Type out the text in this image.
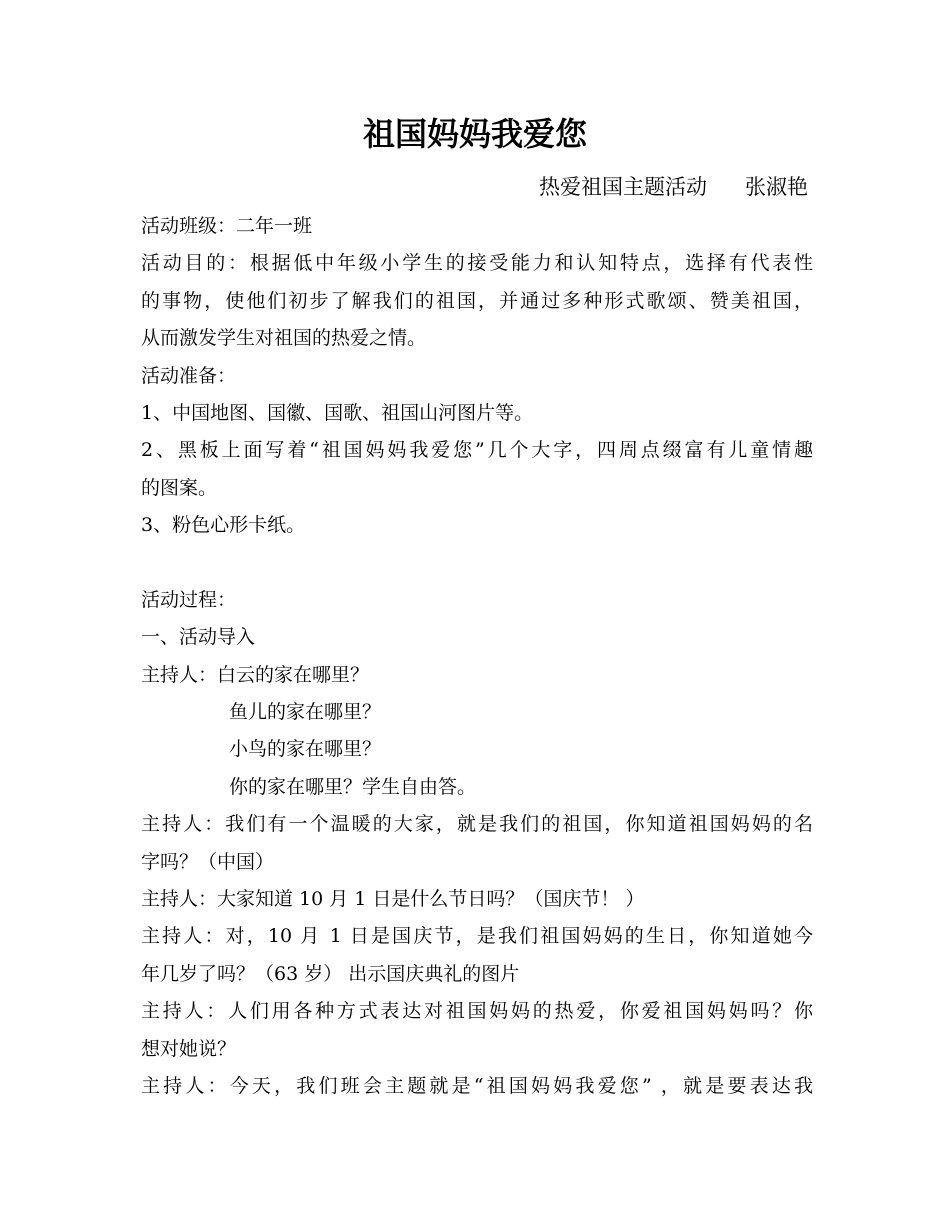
祖国妈妈我爱您
热爱祖国主题活动 张淑艳
活动班级：二年一班
活动目的：根据低中年级小学生的接受能力和认知特点，选择有代表性
的事物，使他们初步了解我们的祖国，并通过多种形式歌颂、赞美祖国，
从而激发学生对祖国的热爱之情。
活动准备：
1、中国地图、国徽、国歌、祖国山河图片等。
2、黑板上面写着“祖国妈妈我爱您”几个大字，四周点缀富有儿童情趣
的图案。
3、粉色心形卡纸。
活动过程：
一、活动导入
主持人：白云的家在哪里？
鱼儿的家在哪里？
小鸟的家在哪里？
你的家在哪里？学生自由答。
主持人：我们有一个温暖的大家，就是我们的祖国，你知道祖国妈妈的名
字吗？（中国）
主持人：大家知道 10 月 1 日是什么节日吗？（国庆节！ ）
主持人：对，10 月 1 日是国庆节，是我们祖国妈妈的生日，你知道她今
年几岁了吗？（63 岁） 出示国庆典礼的图片
主持人：人们用各种方式表达对祖国妈妈的热爱，你爱祖国妈妈吗？你
想对她说？
主持人：今天，我们班会主题就是“祖国妈妈我爱您” ，就是要表达我
